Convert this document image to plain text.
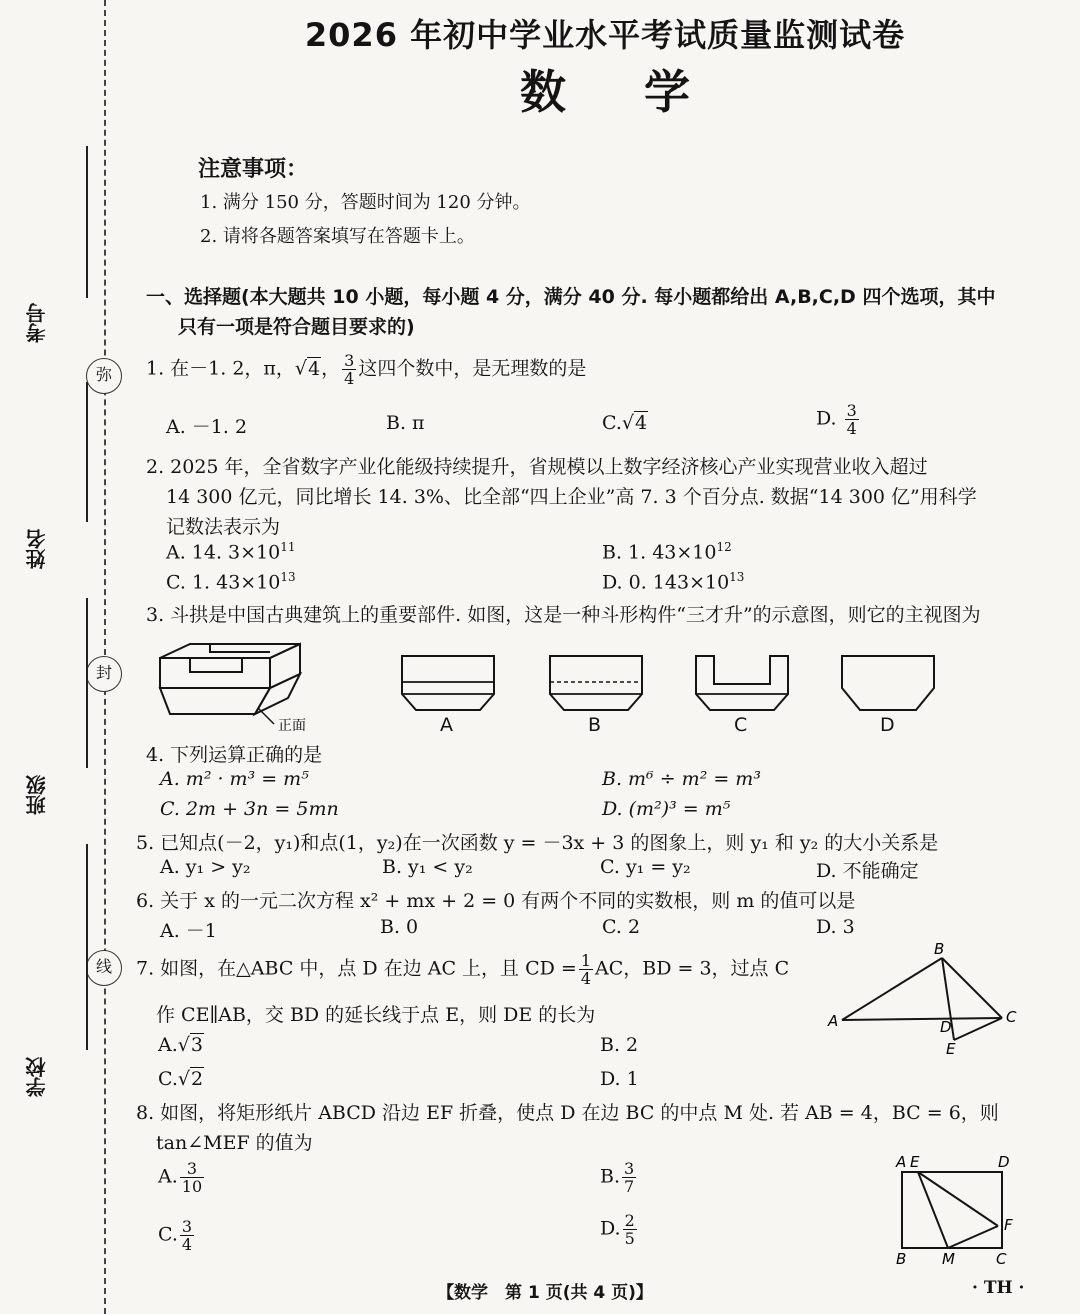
弥
封
线
考号
姓名
班级
学校
2026 年初中学业水平考试质量监测试卷
数学
注意事项：
1. 满分 150 分，答题时间为 120 分钟。
2. 请将各题答案填写在答题卡上。
一、选择题(本大题共 10 小题，每小题 4 分，满分 40 分. 每小题都给出 A,B,C,D 四个选项，其中
只有一项是符合题目要求的)
1. 在－1. 2，π，√4， $\frac{3}{4}$ 这四个数中，是无理数的是
A. －1. 2	B. π	C.√4	D. $\frac{3}{4}$
2. 2025 年，全省数字产业化能级持续提升，省规模以上数字经济核心产业实现营业收入超过
14 300 亿元，同比增长 14. 3%、比全部“四上企业”高 7. 3 个百分点. 数据“14 300 亿”用科学
记数法表示为
A. 14. $3\times 10^{11}$	B. 1. $43\times 10^{12}$
C. 1. $43\times 10^{13}$	D. 0. $143\times 10^{13}$
3. 斗拱是中国古典建筑上的重要部件. 如图，这是一种斗形构件“三才升”的示意图，则它的主视图为
正面	A	B	C	D
4. 下列运算正确的是
A. m² · m³ = m⁵	B. m⁶ ÷ m² = m³
C. 2m + 3n = 5mn	D. (m²)³ = m⁵
5. 已知点(－2，y₁)和点(1，y₂)在一次函数 y = －3x + 3 的图象上，则 y₁ 和 y₂ 的大小关系是
A. y₁ > y₂	B. y₁ < y₂	C. y₁ = y₂	D. 不能确定
6. 关于 x 的一元二次方程 x² + mx + 2 = 0 有两个不同的实数根，则 m 的值可以是
A. －1	B. 0	C. 2	D. 3
7. 如图，在△ABC 中，点 D 在边 AC 上，且 CD = $\frac{1}{4}$ AC，BD = 3，过点 C
作 CE∥AB，交 BD 的延长线于点 E，则 DE 的长为
A.√3	B. 2
C.√2	D. 1
A
B
C
D
E
8. 如图，将矩形纸片 ABCD 沿边 EF 折叠，使点 D 在边 BC 的中点 M 处. 若 AB = 4，BC = 6，则
tan∠MEF 的值为
A. $\frac{3}{10}$	B. $\frac{3}{7}$
C. $\frac{3}{4}$	D. $\frac{2}{5}$
A E	D
F
B M	C
【数学　第 1 页(共 4 页)】	· TH ·
